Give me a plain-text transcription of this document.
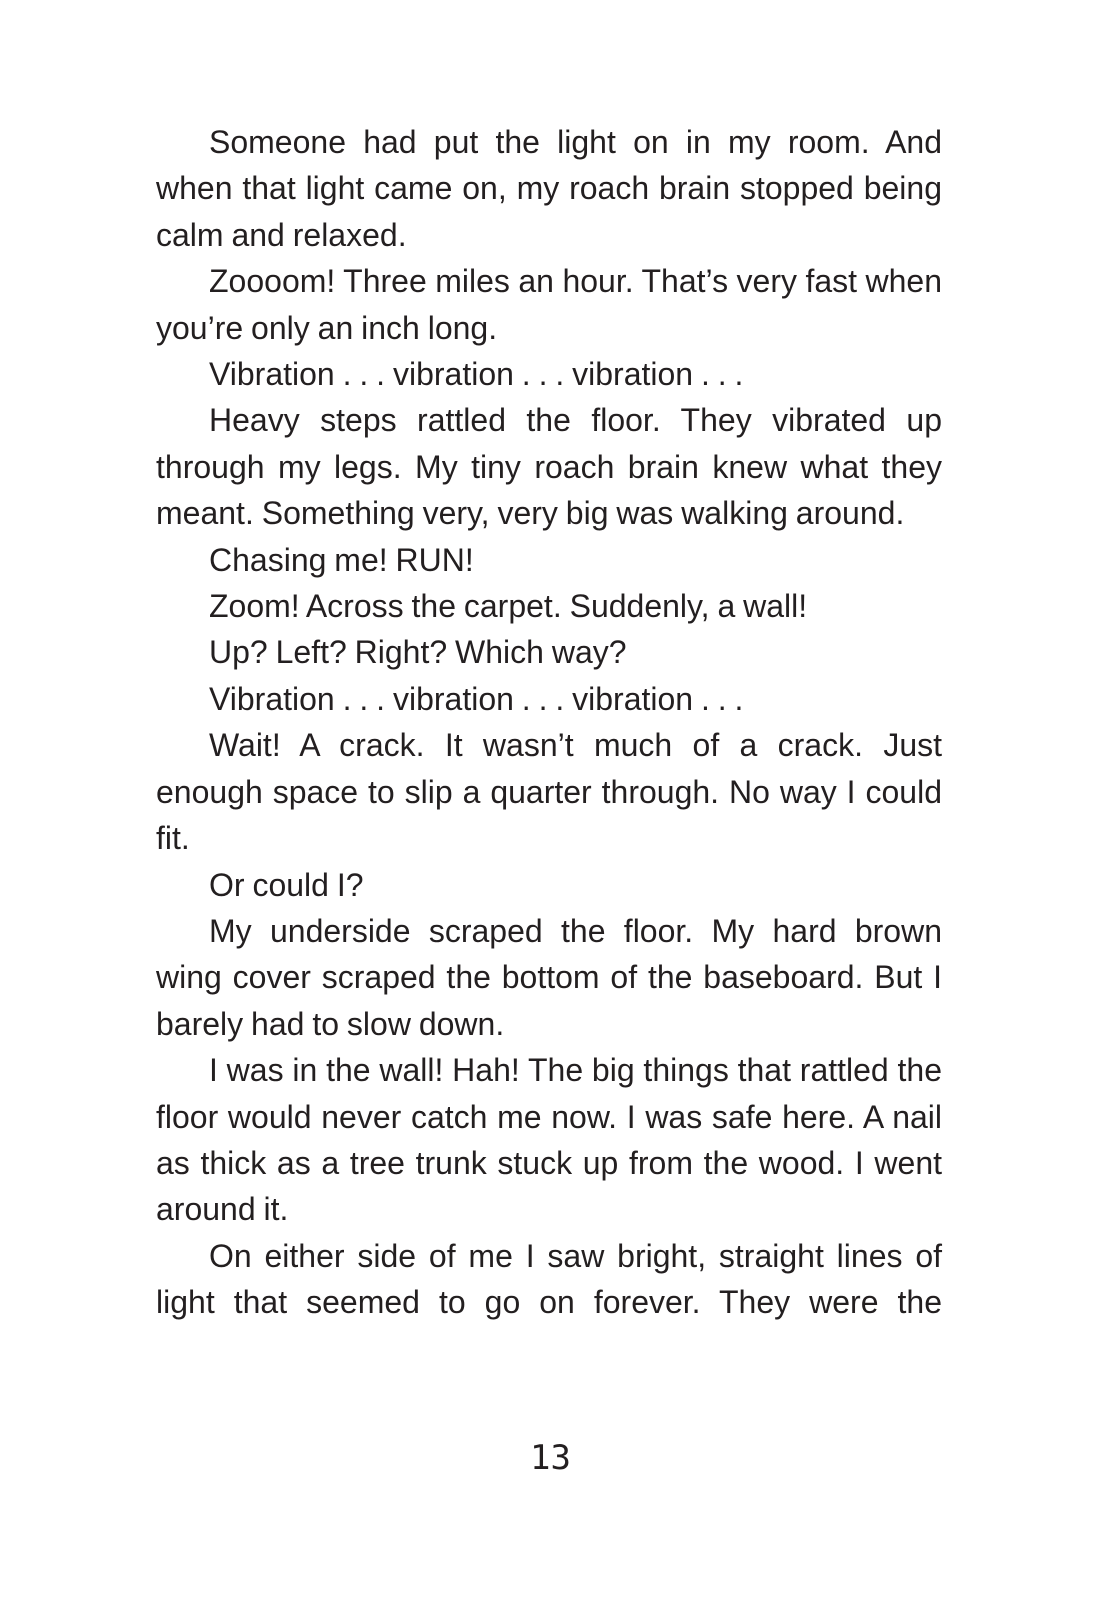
Someone had put the light on in my room. And when that light came on, my roach brain stopped being calm and relaxed.

Zoooom! Three miles an hour. That’s very fast when you’re only an inch long.

Vibration . . . vibration . . . vibration . . .

Heavy steps rattled the floor. They vibrated up through my legs. My tiny roach brain knew what they meant. Something very, very big was walking around.

Chasing me! RUN!

Zoom! Across the carpet. Suddenly, a wall!

Up? Left? Right? Which way?

Vibration . . . vibration . . . vibration . . .

Wait! A crack. It wasn’t much of a crack. Just enough space to slip a quarter through. No way I could fit.

Or could I?

My underside scraped the floor. My hard brown wing cover scraped the bottom of the baseboard. But I barely had to slow down.

I was in the wall! Hah! The big things that rattled the floor would never catch me now. I was safe here. A nail as thick as a tree trunk stuck up from the wood. I went around it.

On either side of me I saw bright, straight lines of light that seemed to go on forever. They were the

13
